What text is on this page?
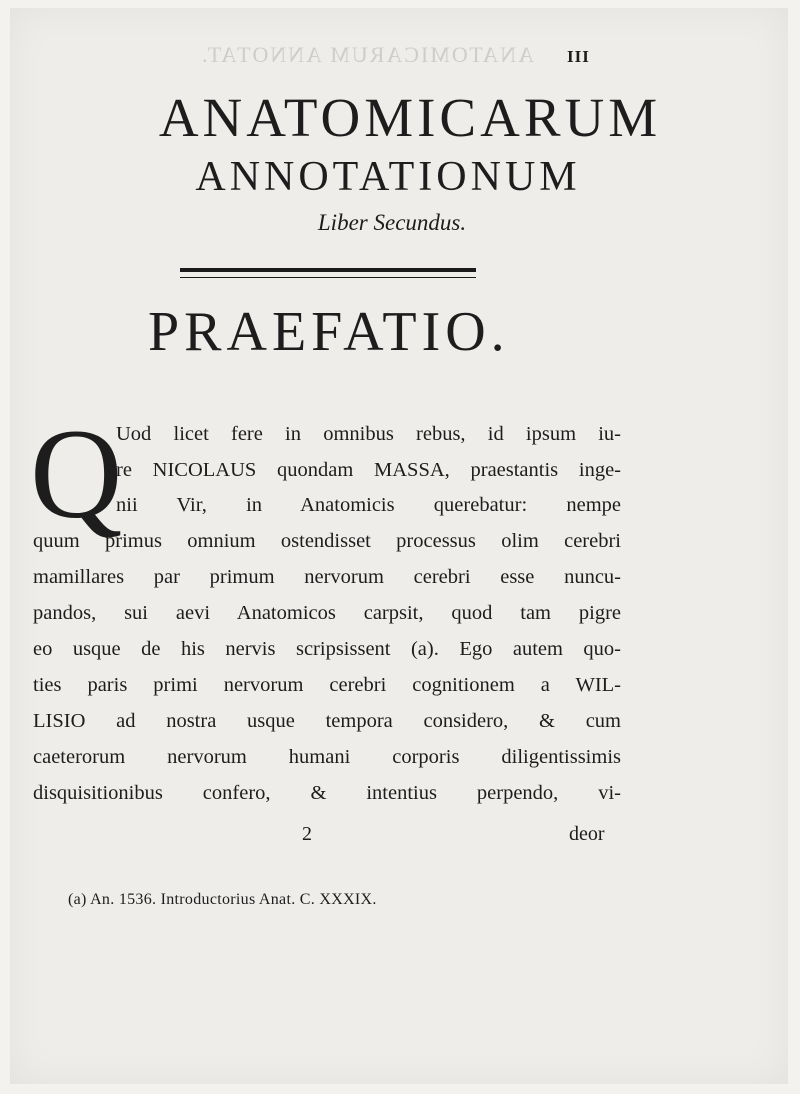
ANATOMICARUM ANNOTAT. III
ANATOMICARUM
ANNOTATIONUM
Liber Secundus.
PRAEFATIO.
Q
Uod licet fere in omnibus rebus, id ipsum iu-
re NICOLAUS quondam MASSA, praestantis inge-
nii Vir, in Anatomicis querebatur: nempe
quum primus omnium ostendisset processus olim cerebri
mamillares par primum nervorum cerebri esse nuncu-
pandos, sui aevi Anatomicos carpsit, quod tam pigre
eo usque de his nervis scripsissent (a). Ego autem quo-
ties paris primi nervorum cerebri cognitionem a WIL-
LISIO ad nostra usque tempora considero, & cum
caeterorum nervorum humani corporis diligentissimis
disquisitionibus confero, & intentius perpendo, vi-
2	deor
(a) An. 1536. Introductorius Anat. C. XXXIX.
